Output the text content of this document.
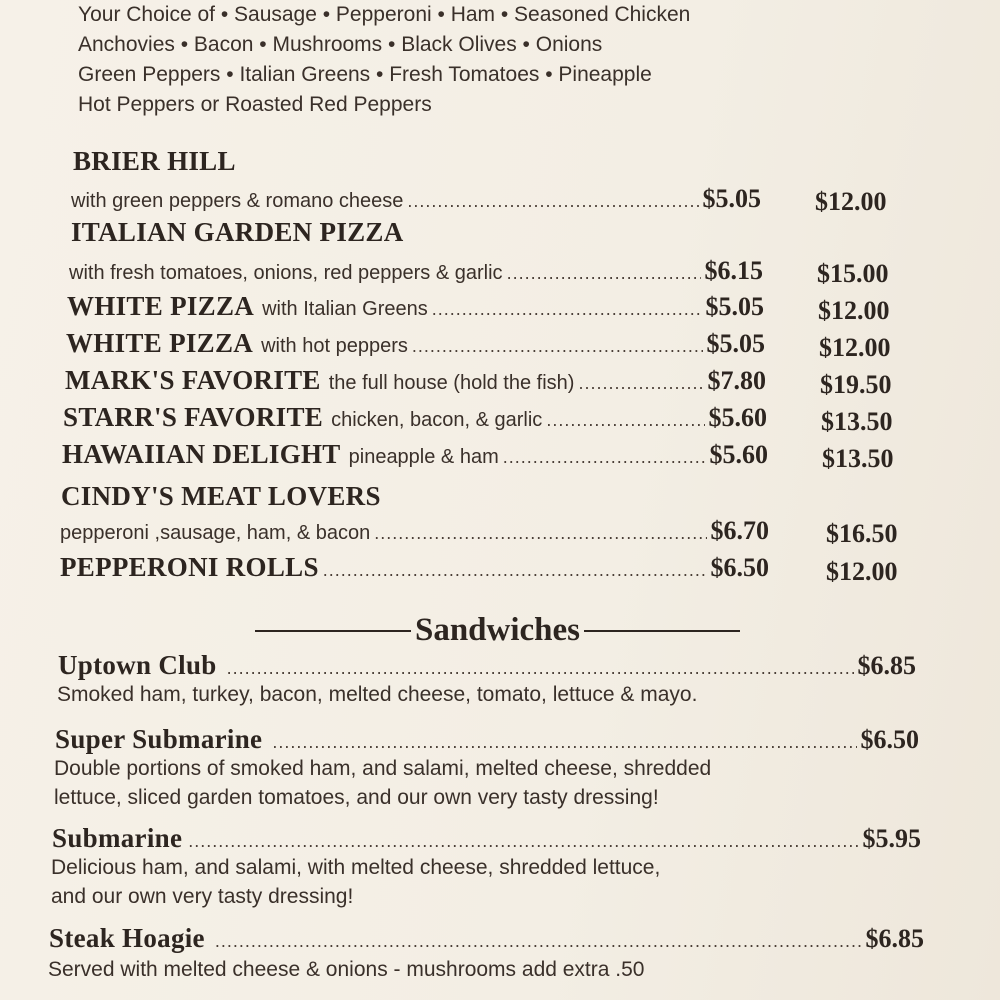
Your Choice of • Sausage • Pepperoni • Ham • Seasoned Chicken
Anchovies • Bacon • Mushrooms • Black Olives • Onions
Green Peppers • Italian Greens • Fresh Tomatoes • Pineapple
Hot Peppers or Roasted Red Peppers
BRIER HILL
with green peppers & romano cheese .....	$5.05 $12.00
ITALIAN GARDEN PIZZA
with fresh tomatoes, onions, red peppers & garlic .....	$6.15 $15.00
WHITE PIZZA with Italian Greens .....	$5.05 $12.00
WHITE PIZZA with hot peppers .....	$5.05 $12.00
MARK'S FAVORITE the full house (hold the fish) .....	$7.80 $19.50
STARR'S FAVORITE chicken, bacon, & garlic .....	$5.60 $13.50
HAWAIIAN DELIGHT pineapple & ham .....	$5.60 $13.50
CINDY'S MEAT LOVERS
pepperoni ,sausage, ham, & bacon .....	$6.70 $16.50
PEPPERONI ROLLS .....	$6.50 $12.00
Sandwiches
Uptown Club .....	$6.85
Smoked ham, turkey, bacon, melted cheese, tomato, lettuce & mayo.
Super Submarine .....	$6.50
Double portions of smoked ham, and salami, melted cheese, shredded
lettuce, sliced garden tomatoes, and our own very tasty dressing!
Submarine .....	$5.95
Delicious ham, and salami, with melted cheese, shredded lettuce,
and our own very tasty dressing!
Steak Hoagie .....	$6.85
Served with melted cheese & onions - mushrooms add extra .50
